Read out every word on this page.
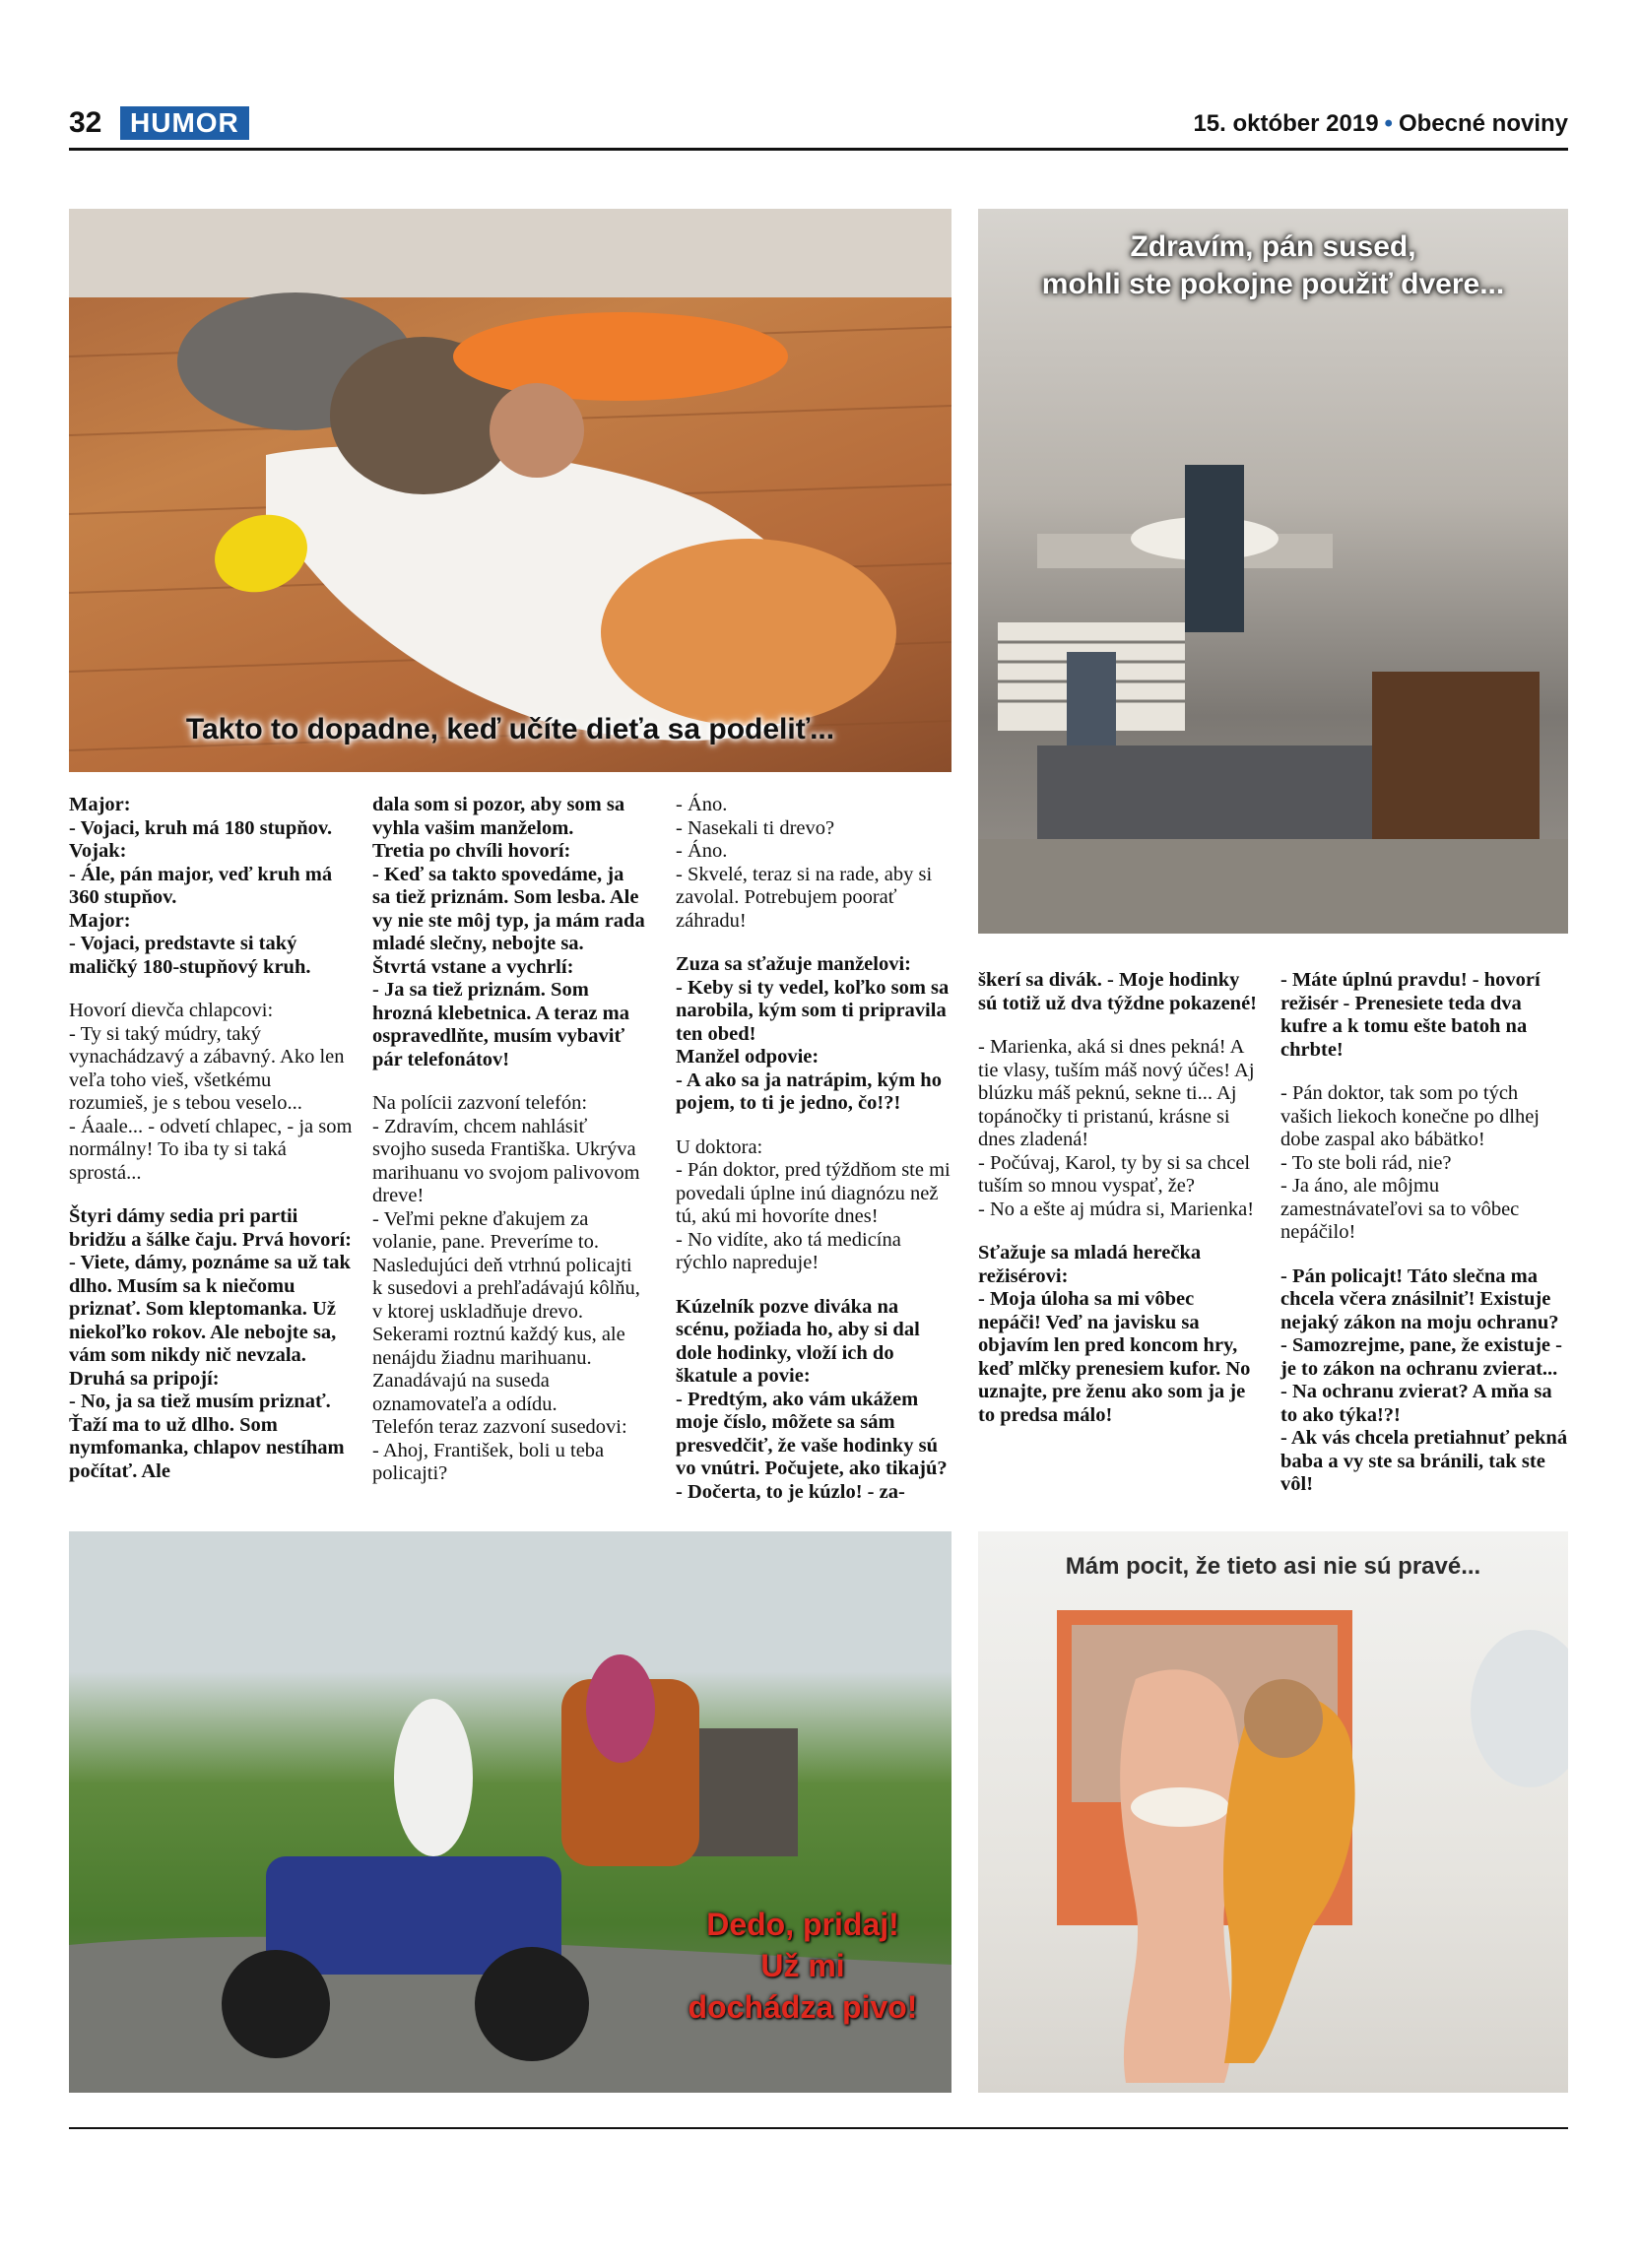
32	HUMOR	15. október 2019 • Obecné noviny
Takto to dopadne, keď učíte dieťa sa podeliť...
Zdravím, pán sused,
mohli ste pokojne použiť dvere...

Major:
- Vojaci, kruh má 180 stupňov.
Vojak:
- Ále, pán major, veď kruh má 360 stupňov.
Major:
- Vojaci, predstavte si taký maličký 180-stupňový kruh.

Hovorí dievča chlapcovi:
- Ty si taký múdry, taký vynachádzavý a zábavný. Ako len veľa toho vieš, všetkému rozumieš, je s tebou veselo...
- Áaale... - odvetí chlapec, - ja som normálny! To iba ty si taká sprostá...

Štyri dámy sedia pri partii bridžu a šálke čaju. Prvá hovorí:
- Viete, dámy, poznáme sa už tak dlho. Musím sa k niečomu priznať. Som kleptomanka. Už niekoľko rokov. Ale nebojte sa, vám som nikdy nič nevzala.
Druhá sa pripojí:
- No, ja sa tiež musím priznať. Ťaží ma to už dlho. Som nymfomanka, chlapov nestíham počítať. Ale

dala som si pozor, aby som sa vyhla vašim manželom.
Tretia po chvíli hovorí:
- Keď sa takto spovedáme, ja sa tiež priznám. Som lesba. Ale vy nie ste môj typ, ja mám rada mladé slečny, nebojte sa.
Štvrtá vstane a vychrlí:
- Ja sa tiež priznám. Som hrozná klebetnica. A teraz ma ospravedlňte, musím vybaviť pár telefonátov!

Na polícii zazvoní telefón:
- Zdravím, chcem nahlásiť svojho suseda Františka. Ukrýva marihuanu vo svojom palivovom dreve!
- Veľmi pekne ďakujem za volanie, pane. Preveríme to. Nasledujúci deň vtrhnú policajti k susedovi a prehľadávajú kôlňu, v ktorej uskladňuje drevo. Sekerami roztnú každý kus, ale nenájdu žiadnu marihuanu. Zanadávajú na suseda oznamovateľa a odídu.
Telefón teraz zazvoní susedovi:
- Ahoj, František, boli u teba policajti?

- Áno.
- Nasekali ti drevo?
- Áno.
- Skvelé, teraz si na rade, aby si zavolal. Potrebujem poorať záhradu!

Zuza sa sťažuje manželovi:
- Keby si ty vedel, koľko som sa narobila, kým som ti pripravila ten obed!
Manžel odpovie:
- A ako sa ja natrápim, kým ho pojem, to ti je jedno, čo!?!

U doktora:
- Pán doktor, pred týždňom ste mi povedali úplne inú diagnózu než tú, akú mi hovoríte dnes!
- No vidíte, ako tá medicína rýchlo napreduje!

Kúzelník pozve diváka na scénu, požiada ho, aby si dal dole hodinky, vloží ich do škatule a povie:
- Predtým, ako vám ukážem moje číslo, môžete sa sám presvedčiť, že vaše hodinky sú vo vnútri. Počujete, ako tikajú?
- Dočerta, to je kúzlo! - za-

škerí sa divák. - Moje hodinky sú totiž už dva týždne pokazené!

- Marienka, aká si dnes pekná! A tie vlasy, tuším máš nový účes! Aj blúzku máš peknú, sekne ti... Aj topánočky ti pristanú, krásne si dnes zladená!
- Počúvaj, Karol, ty by si sa chcel tuším so mnou vyspať, že?
- No a ešte aj múdra si, Marienka!

Sťažuje sa mladá herečka režisérovi:
- Moja úloha sa mi vôbec nepáči! Veď na javisku sa objavím len pred koncom hry, keď mlčky prenesiem kufor. No uznajte, pre ženu ako som ja je to predsa málo!

- Máte úplnú pravdu! - hovorí režisér - Prenesiete teda dva kufre a k tomu ešte batoh na chrbte!

- Pán doktor, tak som po tých vašich liekoch konečne po dlhej dobe zaspal ako bábätko!
- To ste boli rád, nie?
- Ja áno, ale môjmu zamestnávateľovi sa to vôbec nepáčilo!

- Pán policajt! Táto slečna ma chcela včera znásilniť! Existuje nejaký zákon na moju ochranu?
- Samozrejme, pane, že existuje - je to zákon na ochranu zvierat...
- Na ochranu zvierat? A mňa sa to ako týka!?!
- Ak vás chcela pretiahnuť pekná baba a vy ste sa bránili, tak ste vôl!

Dedo, pridaj!
Už mi
dochádza pivo!
Mám pocit, že tieto asi nie sú pravé...
